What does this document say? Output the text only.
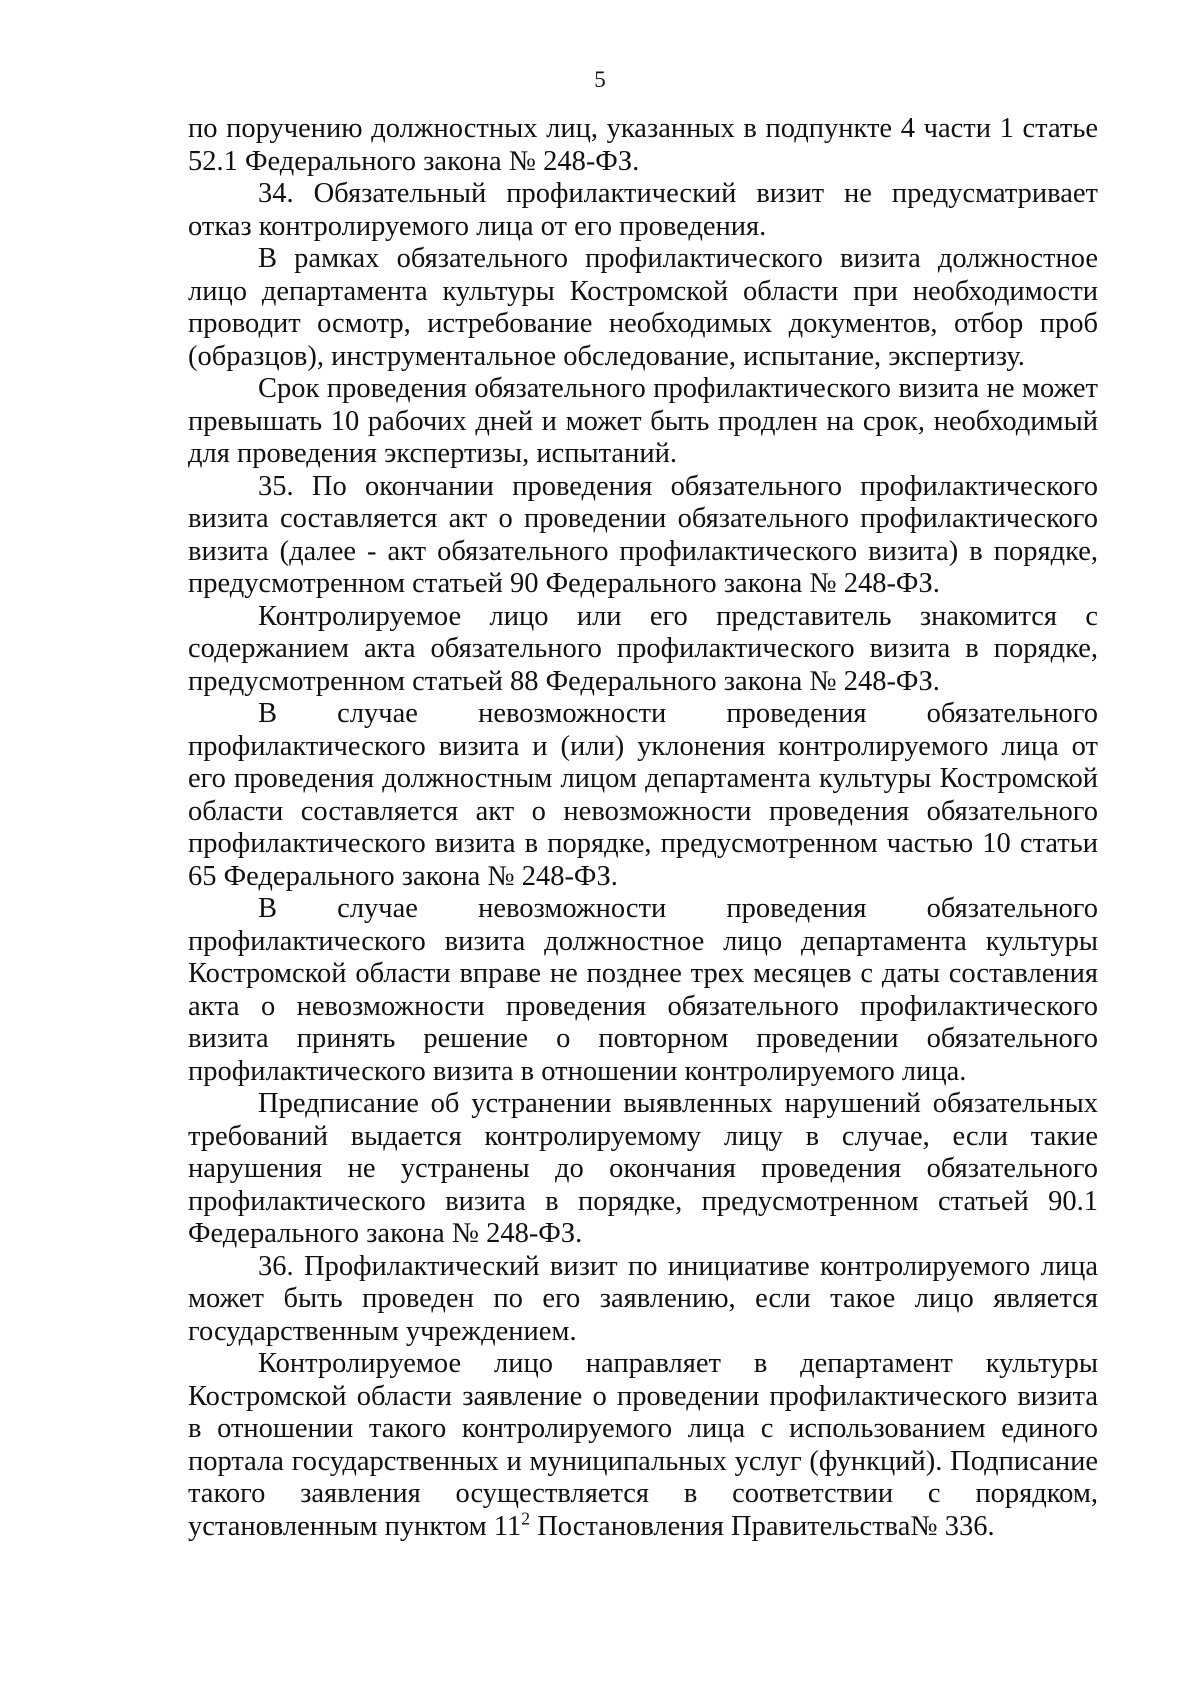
5

по поручению должностных лиц, указанных в подпункте 4 части 1 статье 52.1 Федерального закона № 248-ФЗ.

34. Обязательный профилактический визит не предусматривает отказ контролируемого лица от его проведения.

В рамках обязательного профилактического визита должностное лицо департамента культуры Костромской области при необходимости проводит осмотр, истребование необходимых документов, отбор проб (образцов), инструментальное обследование, испытание, экспертизу.

Срок проведения обязательного профилактического визита не может превышать 10 рабочих дней и может быть продлен на срок, необходимый для проведения экспертизы, испытаний.

35. По окончании проведения обязательного профилактического визита составляется акт о проведении обязательного профилактического визита (далее - акт обязательного профилактического визита) в порядке, предусмотренном статьей 90 Федерального закона № 248-ФЗ.

Контролируемое лицо или его представитель знакомится с содержанием акта обязательного профилактического визита в порядке, предусмотренном статьей 88 Федерального закона № 248-ФЗ.

В случае невозможности проведения обязательного профилактического визита и (или) уклонения контролируемого лица от его проведения должностным лицом департамента культуры Костромской области составляется акт о невозможности проведения обязательного профилактического визита в порядке, предусмотренном частью 10 статьи 65 Федерального закона № 248-ФЗ.

В случае невозможности проведения обязательного профилактического визита должностное лицо департамента культуры Костромской области вправе не позднее трех месяцев с даты составления акта о невозможности проведения обязательного профилактического визита принять решение о повторном проведении обязательного профилактического визита в отношении контролируемого лица.

Предписание об устранении выявленных нарушений обязательных требований выдается контролируемому лицу в случае, если такие нарушения не устранены до окончания проведения обязательного профилактического визита в порядке, предусмотренном статьей 90.1 Федерального закона № 248-ФЗ.

36. Профилактический визит по инициативе контролируемого лица может быть проведен по его заявлению, если такое лицо является государственным учреждением.

Контролируемое лицо направляет в департамент культуры Костромской области заявление о проведении профилактического визита в отношении такого контролируемого лица с использованием единого портала государственных и муниципальных услуг (функций). Подписание такого заявления осуществляется в соответствии с порядком, установленным пунктом $11^2$ Постановления Правительства№ 336.
